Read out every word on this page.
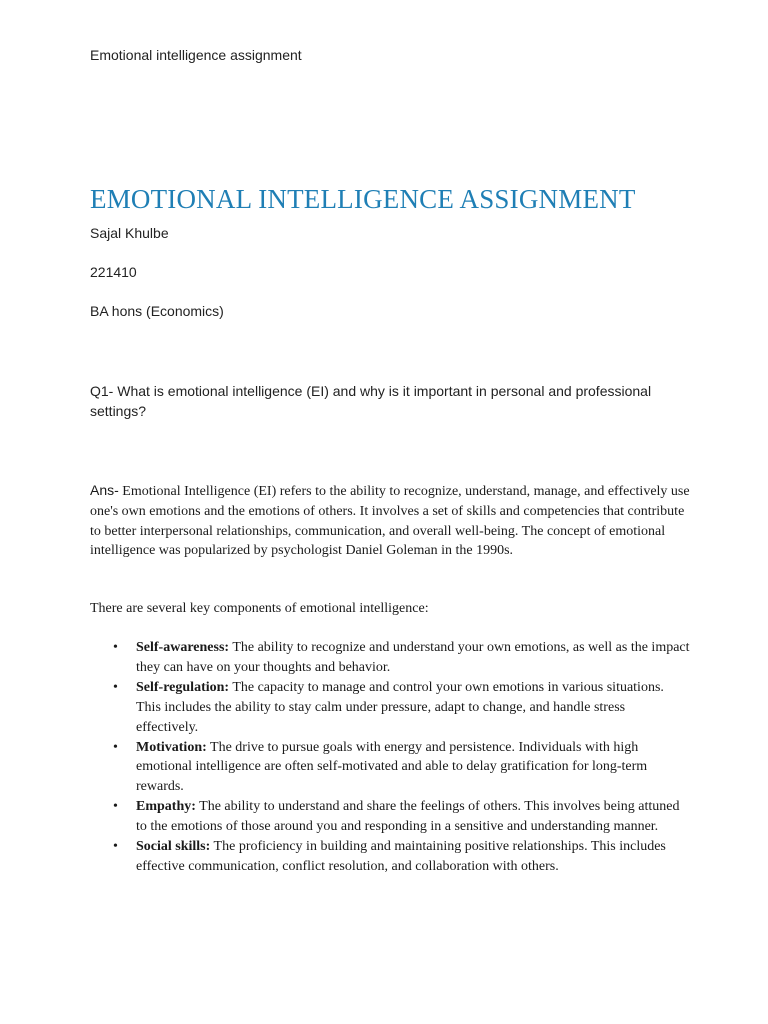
Emotional intelligence assignment
EMOTIONAL INTELLIGENCE ASSIGNMENT
Sajal Khulbe
221410
BA hons (Economics)
Q1- What is emotional intelligence (EI) and why is it important in personal and professional settings?
Ans- Emotional Intelligence (EI) refers to the ability to recognize, understand, manage, and effectively use one's own emotions and the emotions of others. It involves a set of skills and competencies that contribute to better interpersonal relationships, communication, and overall well-being. The concept of emotional intelligence was popularized by psychologist Daniel Goleman in the 1990s.
There are several key components of emotional intelligence:
• Self-awareness: The ability to recognize and understand your own emotions, as well as the impact they can have on your thoughts and behavior.
• Self-regulation: The capacity to manage and control your own emotions in various situations. This includes the ability to stay calm under pressure, adapt to change, and handle stress effectively.
• Motivation: The drive to pursue goals with energy and persistence. Individuals with high emotional intelligence are often self-motivated and able to delay gratification for long-term rewards.
• Empathy: The ability to understand and share the feelings of others. This involves being attuned to the emotions of those around you and responding in a sensitive and understanding manner.
• Social skills: The proficiency in building and maintaining positive relationships. This includes effective communication, conflict resolution, and collaboration with others.
